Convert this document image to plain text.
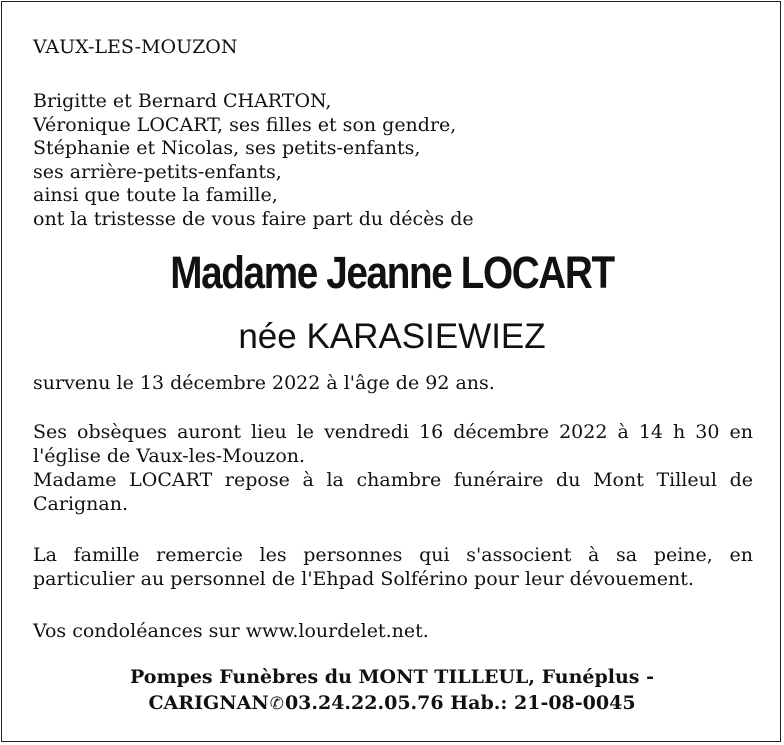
VAUX-LES-MOUZON
Brigitte et Bernard CHARTON,
Véronique LOCART, ses filles et son gendre,
Stéphanie et Nicolas, ses petits-enfants,
ses arrière-petits-enfants,
ainsi que toute la famille,
ont la tristesse de vous faire part du décès de
Madame Jeanne LOCART
née KARASIEWIEZ
survenu le 13 décembre 2022 à l'âge de 92 ans.
Ses obsèques auront lieu le vendredi 16 décembre 2022 à 14 h 30 en
l'église de Vaux-les-Mouzon.
Madame LOCART repose à la chambre funéraire du Mont Tilleul de
Carignan.
La famille remercie les personnes qui s'associent à sa peine, en
particulier au personnel de l'Ehpad Solférino pour leur dévouement.
Vos condoléances sur www.lourdelet.net.
Pompes Funèbres du MONT TILLEUL, Funéplus -
CARIGNAN✆03.24.22.05.76 Hab.: 21-08-0045
